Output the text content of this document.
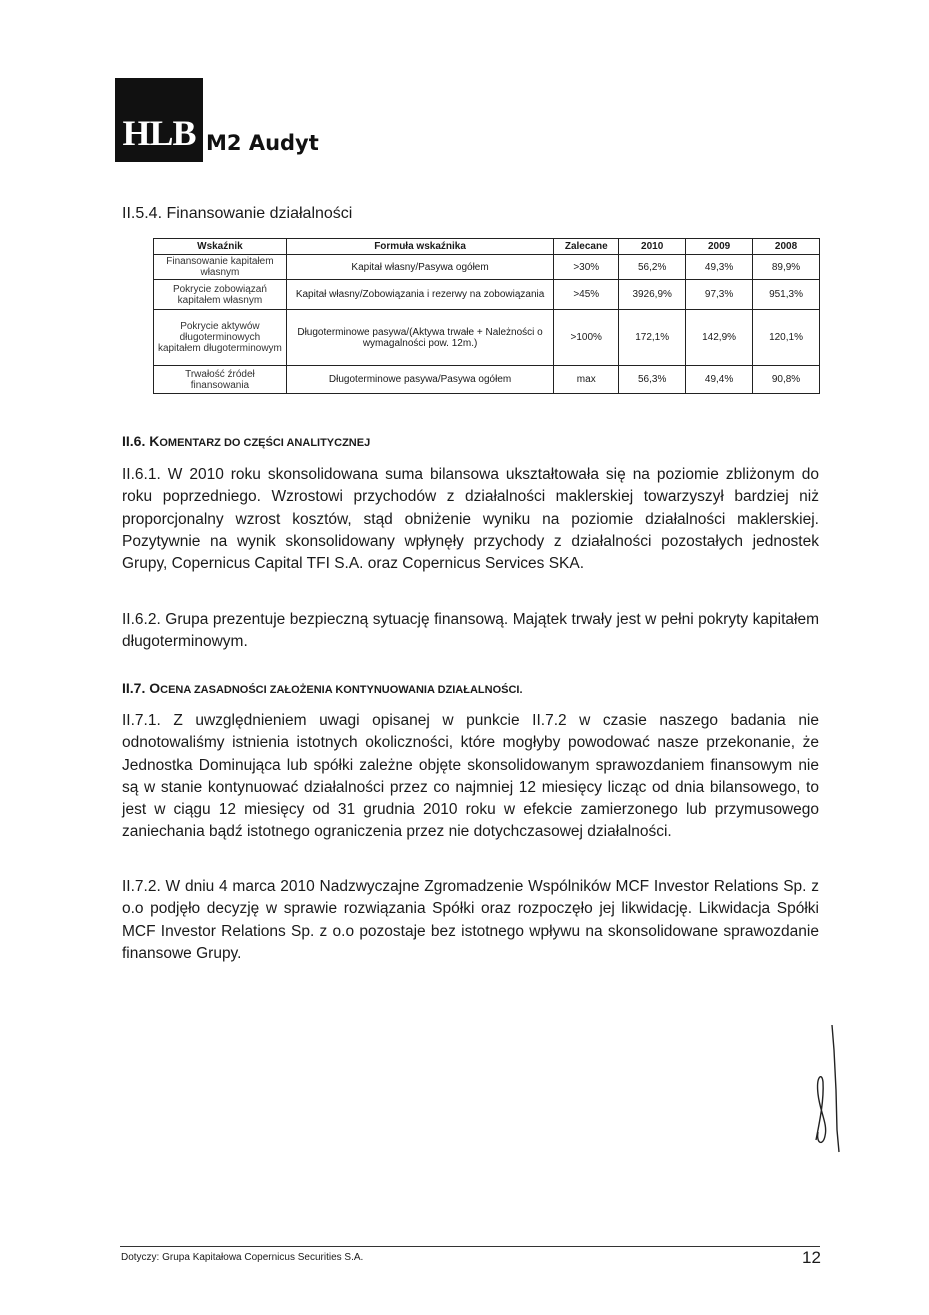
HLB M2 Audyt
II.5.4. Finansowanie działalności
Wskaźnik	Formuła wskaźnika	Zalecane	2010	2009	2008
Finansowanie kapitałem własnym	Kapitał własny/Pasywa ogółem	>30%	56,2%	49,3%	89,9%
Pokrycie zobowiązań kapitałem własnym	Kapitał własny/Zobowiązania i rezerwy na zobowiązania	>45%	3926,9%	97,3%	951,3%
Pokrycie aktywów długoterminowych kapitałem długoterminowym	Długoterminowe pasywa/(Aktywa trwałe + Należności o wymagalności pow. 12m.)	>100%	172,1%	142,9%	120,1%
Trwałość źródeł finansowania	Długoterminowe pasywa/Pasywa ogółem	max	56,3%	49,4%	90,8%
II.6. KOMENTARZ DO CZĘŚCI ANALITYCZNEJ

II.6.1. W 2010 roku skonsolidowana suma bilansowa ukształtowała się na poziomie zbliżonym do roku poprzedniego. Wzrostowi przychodów z działalności maklerskiej towarzyszył bardziej niż proporcjonalny wzrost kosztów, stąd obniżenie wyniku na poziomie działalności maklerskiej. Pozytywnie na wynik skonsolidowany wpłynęły przychody z działalności pozostałych jednostek Grupy, Copernicus Capital TFI S.A. oraz Copernicus Services SKA.

II.6.2. Grupa prezentuje bezpieczną sytuację finansową. Majątek trwały jest w pełni pokryty kapitałem długoterminowym.

II.7. OCENA ZASADNOŚCI ZAŁOŻENIA KONTYNUOWANIA DZIAŁALNOŚCI.

II.7.1. Z uwzględnieniem uwagi opisanej w punkcie II.7.2 w czasie naszego badania nie odnotowaliśmy istnienia istotnych okoliczności, które mogłyby powodować nasze przekonanie, że Jednostka Dominująca lub spółki zależne objęte skonsolidowanym sprawozdaniem finansowym nie są w stanie kontynuować działalności przez co najmniej 12 miesięcy licząc od dnia bilansowego, to jest w ciągu 12 miesięcy od 31 grudnia 2010 roku w efekcie zamierzonego lub przymusowego zaniechania bądź istotnego ograniczenia przez nie dotychczasowej działalności.

II.7.2. W dniu 4 marca 2010 Nadzwyczajne Zgromadzenie Wspólników MCF Investor Relations Sp. z o.o podjęło decyzję w sprawie rozwiązania Spółki oraz rozpoczęło jej likwidację. Likwidacja Spółki MCF Investor Relations Sp. z o.o pozostaje bez istotnego wpływu na skonsolidowane sprawozdanie finansowe Grupy.

Dotyczy: Grupa Kapitałowa Copernicus Securities S.A.	12
